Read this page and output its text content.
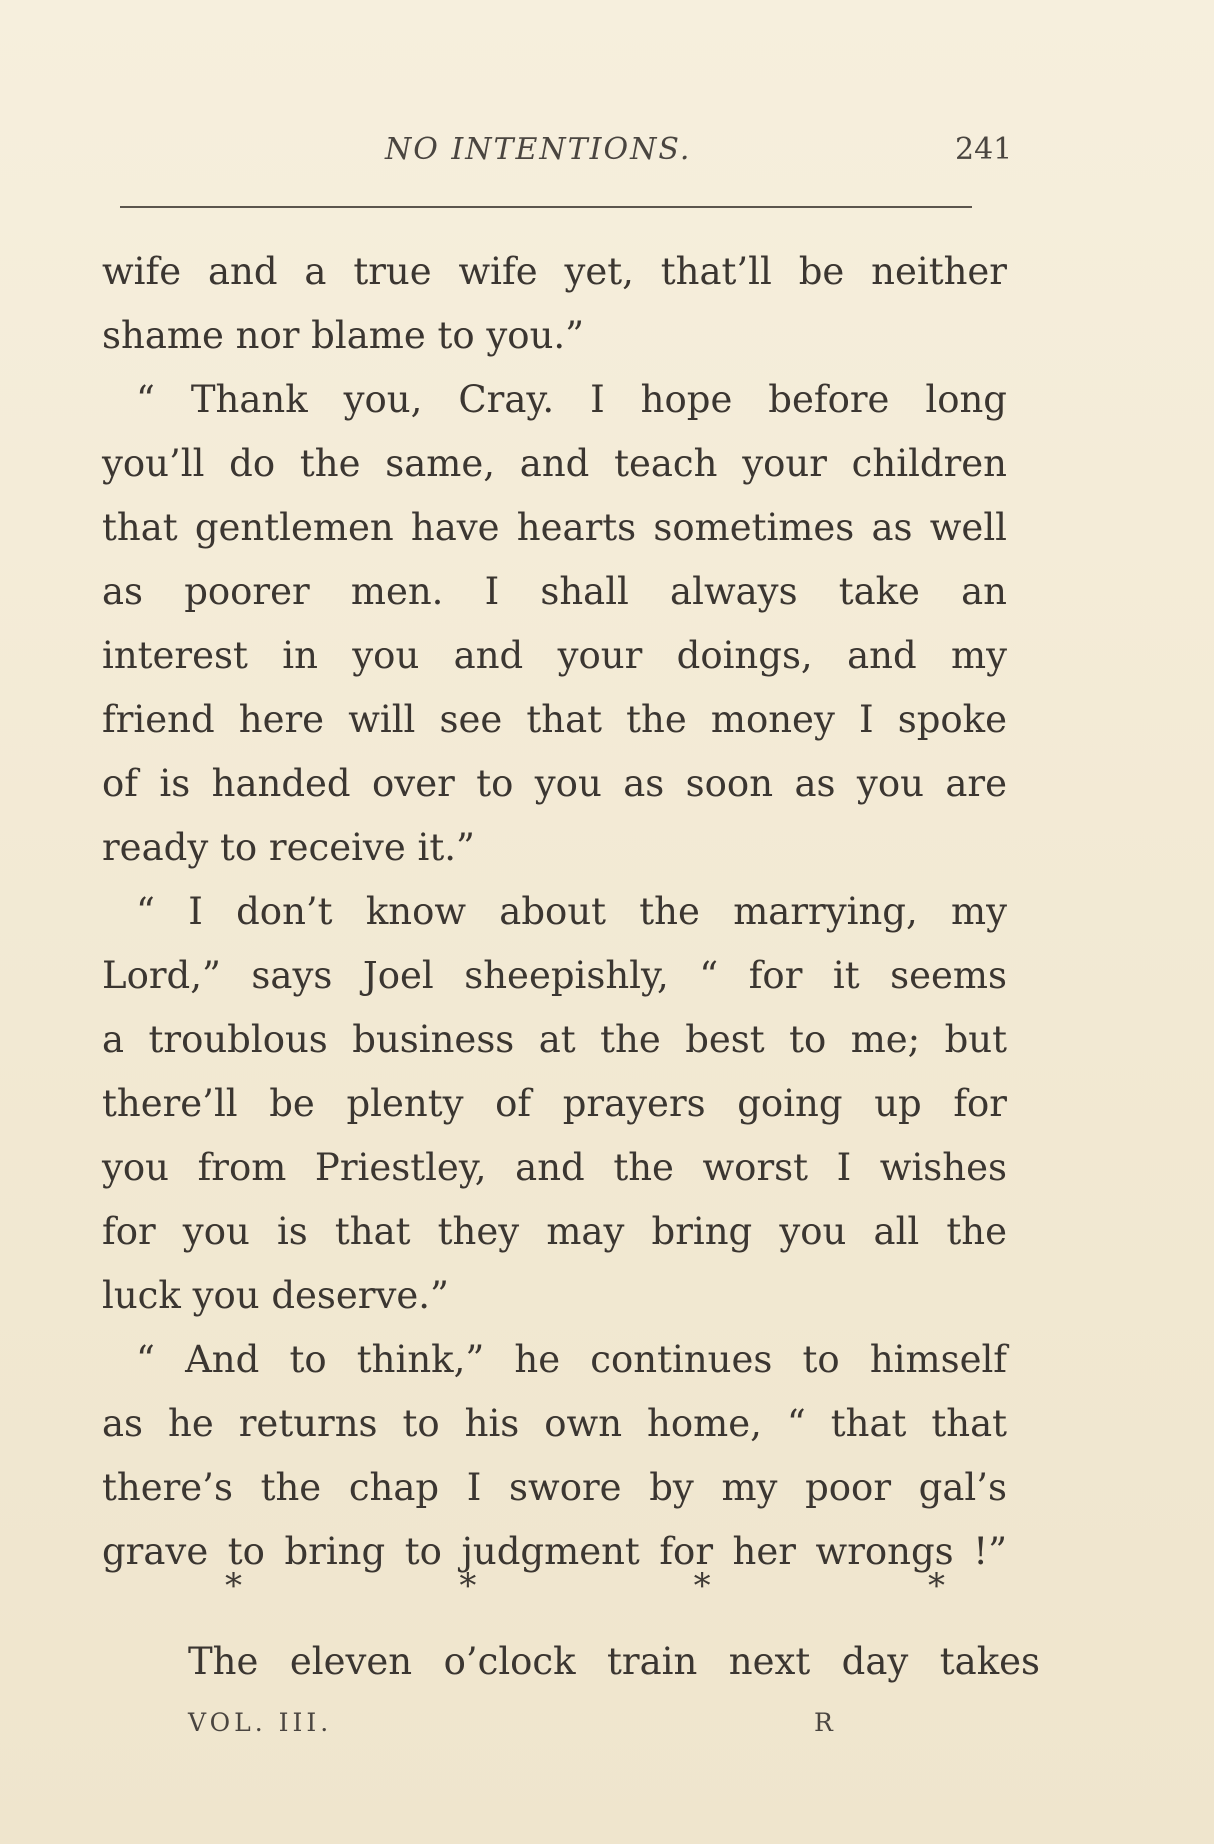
NO INTENTIONS.	241
wife and a true wife yet, that’ll be neither
shame nor blame to you.”
“ Thank you, Cray. I hope before long
you’ll do the same, and teach your children
that gentlemen have hearts sometimes as well
as poorer men. I shall always take an
interest in you and your doings, and my
friend here will see that the money I spoke
of is handed over to you as soon as you are
ready to receive it.”
“ I don’t know about the marrying, my
Lord,” says Joel sheepishly, “ for it seems
a troublous business at the best to me; but
there’ll be plenty of prayers going up for
you from Priestley, and the worst I wishes
for you is that they may bring you all the
luck you deserve.”
“ And to think,” he continues to himself
as he returns to his own home, “ that that
there’s the chap I swore by my poor gal’s
grave to bring to judgment for her wrongs !”
*	*	*	*
The eleven o’clock train next day takes
VOL. III.	R
